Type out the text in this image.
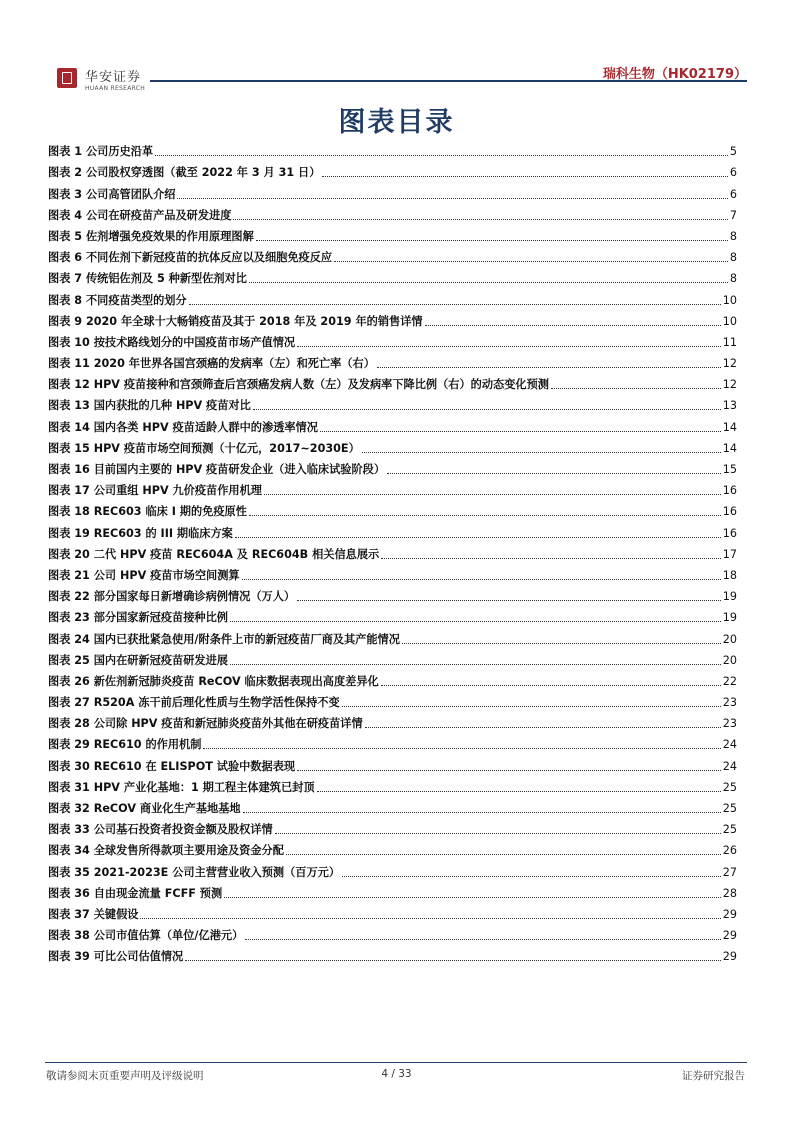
华安证券
HUAAN RESEARCH
瑞科生物（HK02179）
图表目录
图表 1 公司历史沿革	5
图表 2 公司股权穿透图（截至 2022 年 3 月 31 日）	6
图表 3 公司高管团队介绍	6
图表 4 公司在研疫苗产品及研发进度	7
图表 5 佐剂增强免疫效果的作用原理图解	8
图表 6 不同佐剂下新冠疫苗的抗体反应以及细胞免疫反应	8
图表 7 传统铝佐剂及 5 种新型佐剂对比	8
图表 8 不同疫苗类型的划分	10
图表 9 2020 年全球十大畅销疫苗及其于 2018 年及 2019 年的销售详情	10
图表 10 按技术路线划分的中国疫苗市场产值情况	11
图表 11 2020 年世界各国宫颈癌的发病率（左）和死亡率（右）	12
图表 12 HPV 疫苗接种和宫颈筛查后宫颈癌发病人数（左）及发病率下降比例（右）的动态变化预测	12
图表 13 国内获批的几种 HPV 疫苗对比	13
图表 14 国内各类 HPV 疫苗适龄人群中的渗透率情况	14
图表 15 HPV 疫苗市场空间预测（十亿元，2017~2030E）	14
图表 16 目前国内主要的 HPV 疫苗研发企业（进入临床试验阶段）	15
图表 17 公司重组 HPV 九价疫苗作用机理	16
图表 18 REC603 临床 I 期的免疫原性	16
图表 19 REC603 的 III 期临床方案	16
图表 20 二代 HPV 疫苗 REC604A 及 REC604B 相关信息展示	17
图表 21 公司 HPV 疫苗市场空间测算	18
图表 22 部分国家每日新增确诊病例情况（万人）	19
图表 23 部分国家新冠疫苗接种比例	19
图表 24 国内已获批紧急使用/附条件上市的新冠疫苗厂商及其产能情况	20
图表 25 国内在研新冠疫苗研发进展	20
图表 26 新佐剂新冠肺炎疫苗 ReCOV 临床数据表现出高度差异化	22
图表 27 R520A 冻干前后理化性质与生物学活性保持不变	23
图表 28 公司除 HPV 疫苗和新冠肺炎疫苗外其他在研疫苗详情	23
图表 29 REC610 的作用机制	24
图表 30 REC610 在 ELISPOT 试验中数据表现	24
图表 31 HPV 产业化基地：1 期工程主体建筑已封顶	25
图表 32 ReCOV 商业化生产基地基地	25
图表 33 公司基石投资者投资金额及股权详情	25
图表 34 全球发售所得款项主要用途及资金分配	26
图表 35 2021-2023E 公司主营营业收入预测（百万元）	27
图表 36 自由现金流量 FCFF 预测	28
图表 37 关键假设	29
图表 38 公司市值估算（单位/亿港元）	29
图表 39 可比公司估值情况	29
敬请参阅末页重要声明及评级说明	4 / 33	证券研究报告
